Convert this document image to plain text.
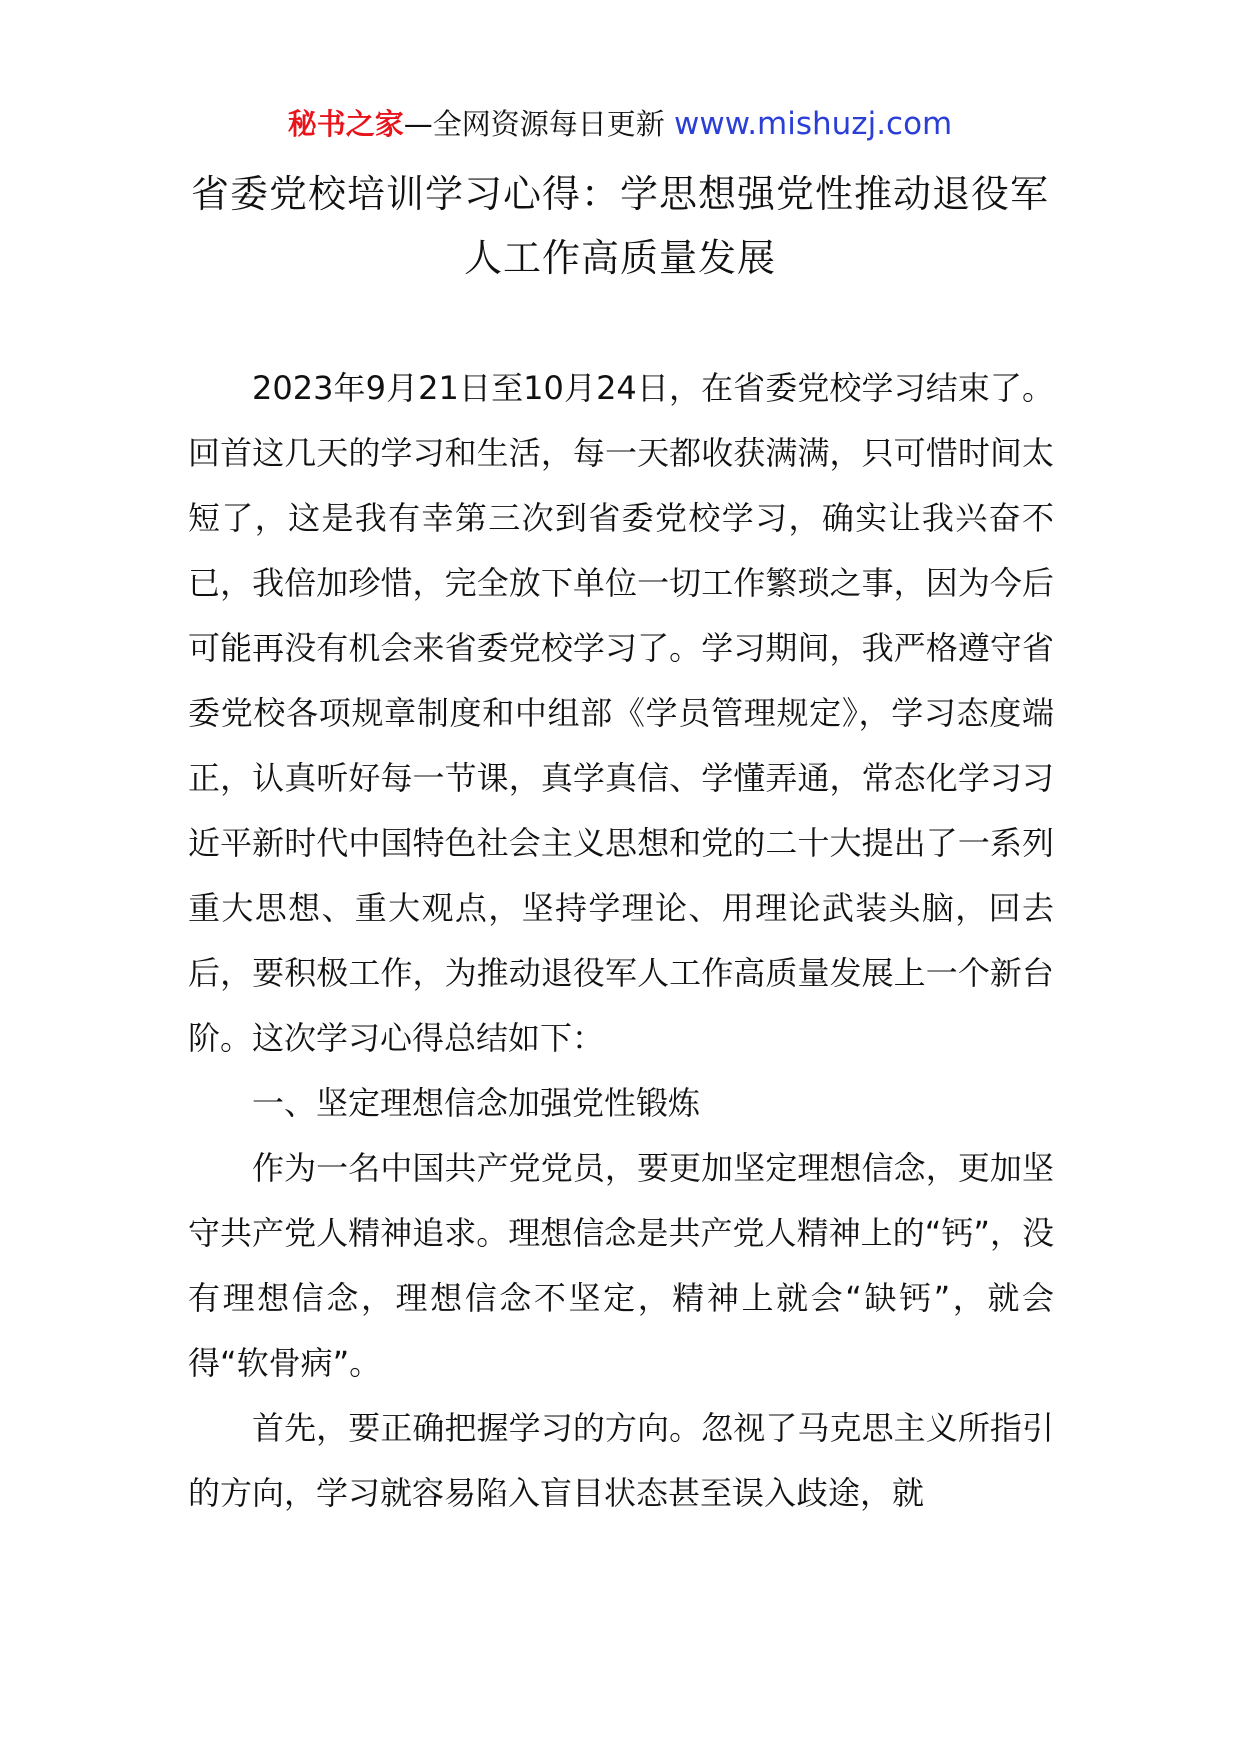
秘书之家—全网资源每日更新 www.mishuzj.com
省委党校培训学习心得：学思想强党性推动退役军人工作高质量发展

2023年9月21日至10月24日，在省委党校学习结束了。回首这几天的学习和生活，每一天都收获满满，只可惜时间太短了，这是我有幸第三次到省委党校学习，确实让我兴奋不已，我倍加珍惜，完全放下单位一切工作繁琐之事，因为今后可能再没有机会来省委党校学习了。学习期间，我严格遵守省委党校各项规章制度和中组部《学员管理规定》，学习态度端正，认真听好每一节课，真学真信、学懂弄通，常态化学习习近平新时代中国特色社会主义思想和党的二十大提出了一系列重大思想、重大观点，坚持学理论、用理论武装头脑，回去后，要积极工作，为推动退役军人工作高质量发展上一个新台阶。这次学习心得总结如下：

一、坚定理想信念加强党性锻炼

作为一名中国共产党党员，要更加坚定理想信念，更加坚守共产党人精神追求。理想信念是共产党人精神上的“钙”，没有理想信念，理想信念不坚定，精神上就会“缺钙”，就会得“软骨病”。

首先，要正确把握学习的方向。忽视了马克思主义所指引的方向，学习就容易陷入盲目状态甚至误入歧途，就
